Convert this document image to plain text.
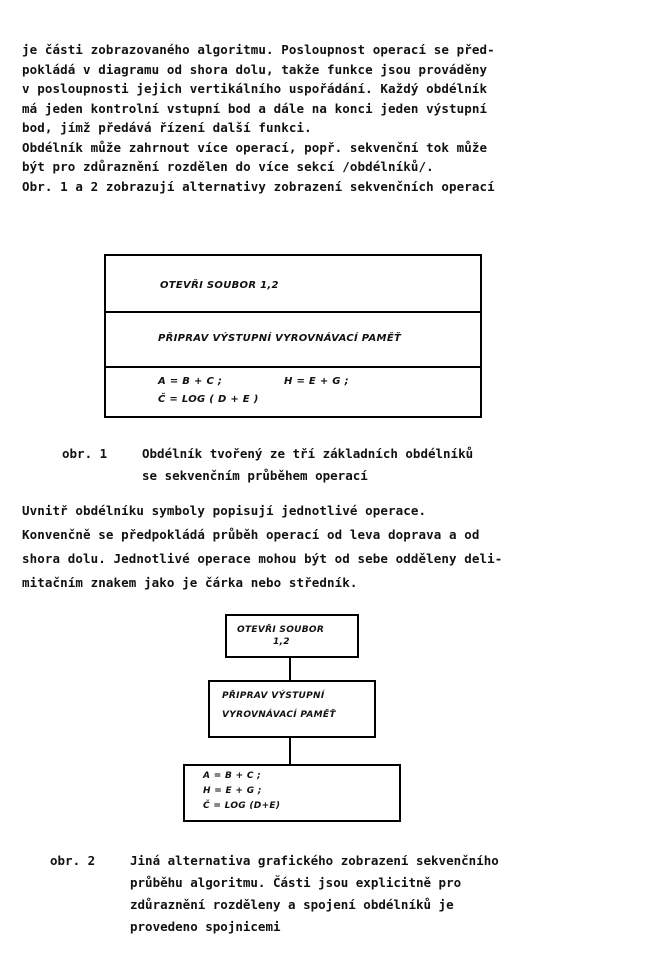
je části zobrazovaného algoritmu. Posloupnost operací se před-
pokládá v diagramu od shora dolu, takže funkce jsou prováděny
v posloupnosti jejich vertikálního uspořádání. Každý obdélník
má jeden kontrolní vstupní bod a dále na konci jeden výstupní
bod, jímž předává řízení další funkci.
Obdélník může zahrnout více operací, popř. sekvenční tok může
být pro zdůraznění rozdělen do více sekcí /obdélníků/.
Obr. 1 a 2 zobrazují alternativy zobrazení sekvenčních operací
OTEVŘI SOUBOR 1,2
PŘIPRAV VÝSTUPNÍ VYROVNÁVACÍ PAMĚŤ
A = B + C ;	H = E + G ;
Č = LOG ( D + E )
obr. 1	Obdélník tvořený ze tří základních obdélníků
se sekvenčním průběhem operací
Uvnitř obdélníku symboly popisují jednotlivé operace.
Konvenčně se předpokládá průběh operací od leva doprava a od
shora dolu. Jednotlivé operace mohou být od sebe odděleny deli-
mitačním znakem jako je čárka nebo středník.
OTEVŘI SOUBOR
1,2
PŘIPRAV VÝSTUPNÍ
VYROVNÁVACÍ PAMĚŤ
A = B + C ;
H = E + G ;
Č = LOG (D+E)
obr. 2	Jiná alternativa grafického zobrazení sekvenčního
průběhu algoritmu. Části jsou explicitně pro
zdůraznění rozděleny a spojení obdélníků je
provedeno spojnicemi
